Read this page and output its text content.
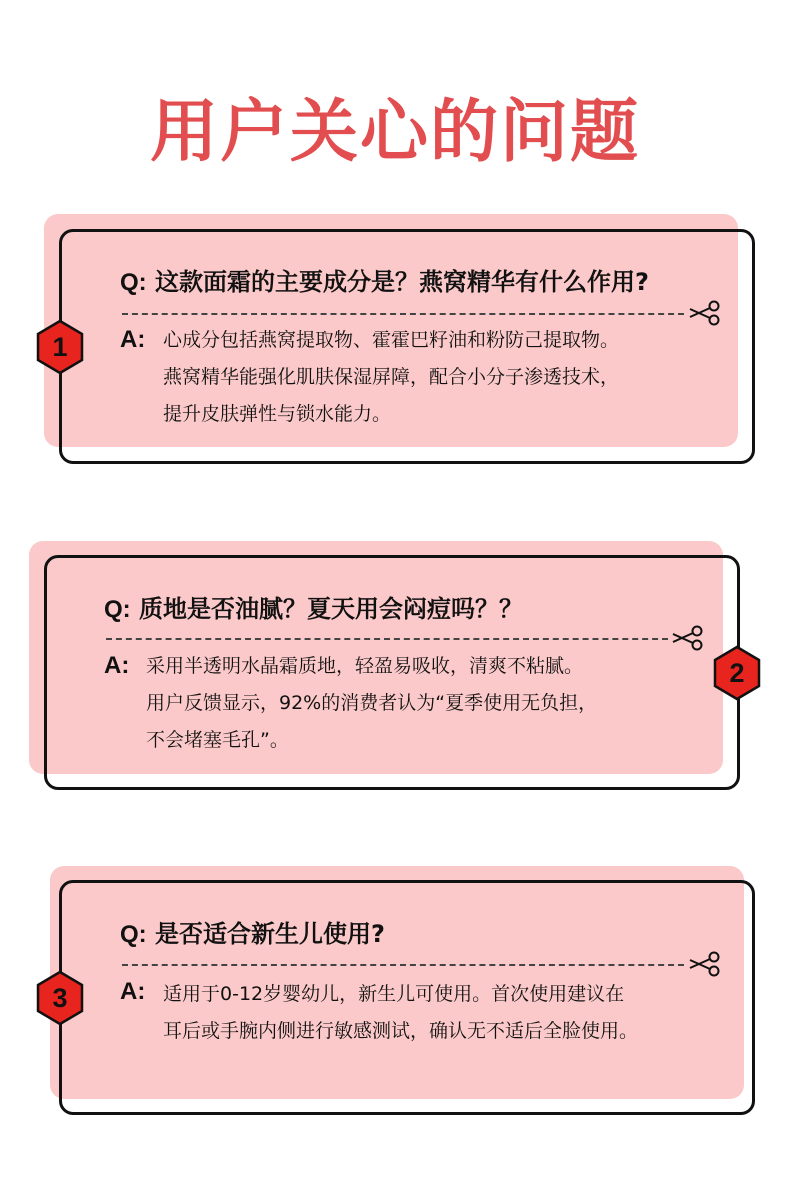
用户关心的问题
Q: 这款面霜的主要成分是？燕窝精华有什么作用?
A: 心成分包括燕窝提取物、霍霍巴籽油和粉防己提取物。
燕窝精华能强化肌肤保湿屏障，配合小分子渗透技术，
提升皮肤弹性与锁水能力。
1
Q: 质地是否油腻？夏天用会闷痘吗？？
A: 采用半透明水晶霜质地，轻盈易吸收，清爽不粘腻。
用户反馈显示，92%的消费者认为“夏季使用无负担，
不会堵塞毛孔”。
2
Q: 是否适合新生儿使用?
A: 适用于0-12岁婴幼儿，新生儿可使用。首次使用建议在
耳后或手腕内侧进行敏感测试，确认无不适后全脸使用。
3
